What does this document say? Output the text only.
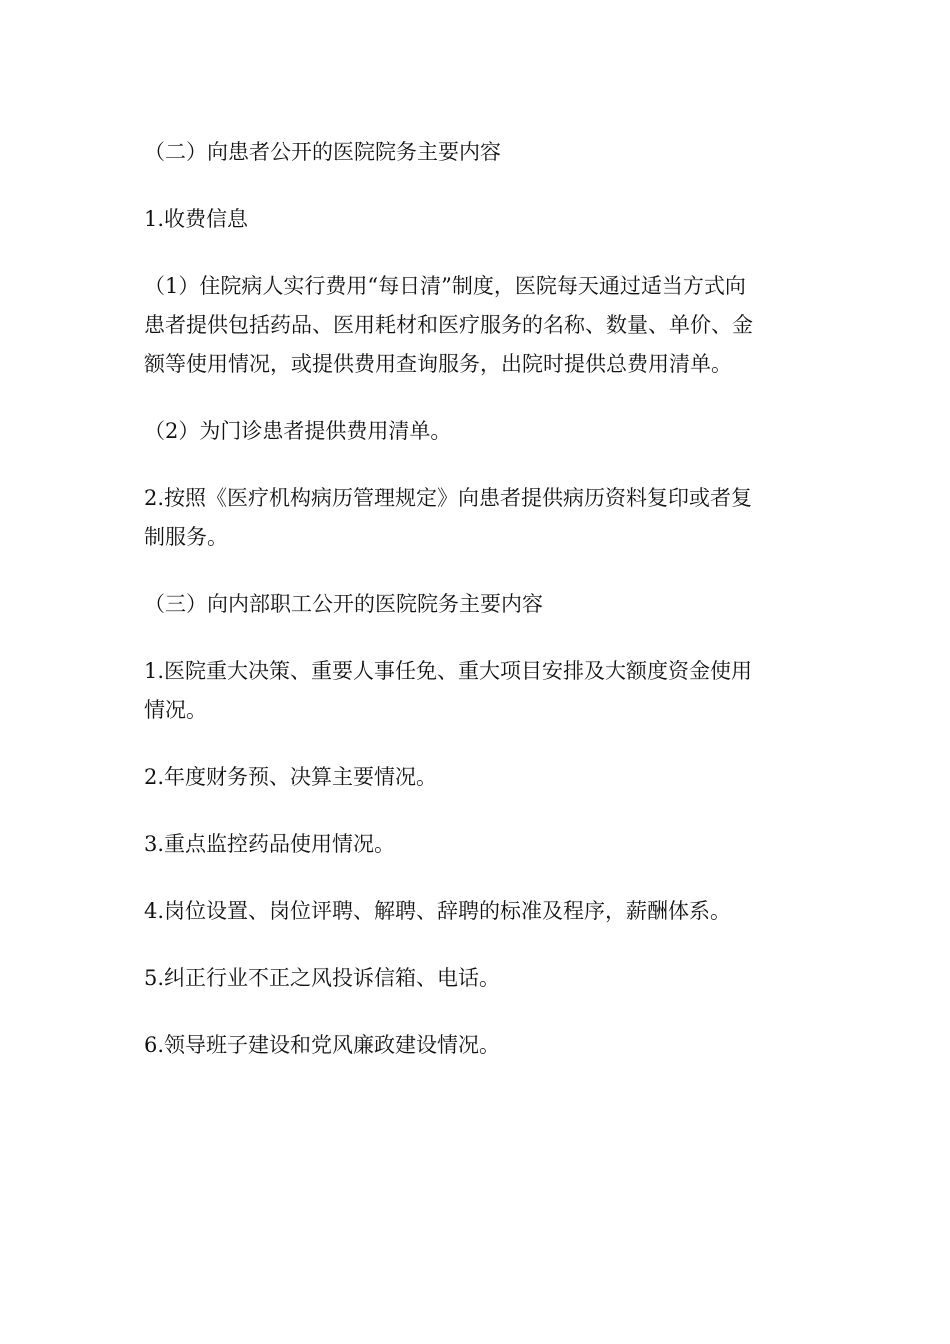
（二）向患者公开的医院院务主要内容

1.收费信息

（1）住院病人实行费用“每日清”制度，医院每天通过适当方式向
患者提供包括药品、医用耗材和医疗服务的名称、数量、单价、金
额等使用情况，或提供费用查询服务，出院时提供总费用清单。

（2）为门诊患者提供费用清单。

2.按照《医疗机构病历管理规定》向患者提供病历资料复印或者复
制服务。

（三）向内部职工公开的医院院务主要内容

1.医院重大决策、重要人事任免、重大项目安排及大额度资金使用
情况。

2.年度财务预、决算主要情况。

3.重点监控药品使用情况。

4.岗位设置、岗位评聘、解聘、辞聘的标准及程序，薪酬体系。

5.纠正行业不正之风投诉信箱、电话。

6.领导班子建设和党风廉政建设情况。
